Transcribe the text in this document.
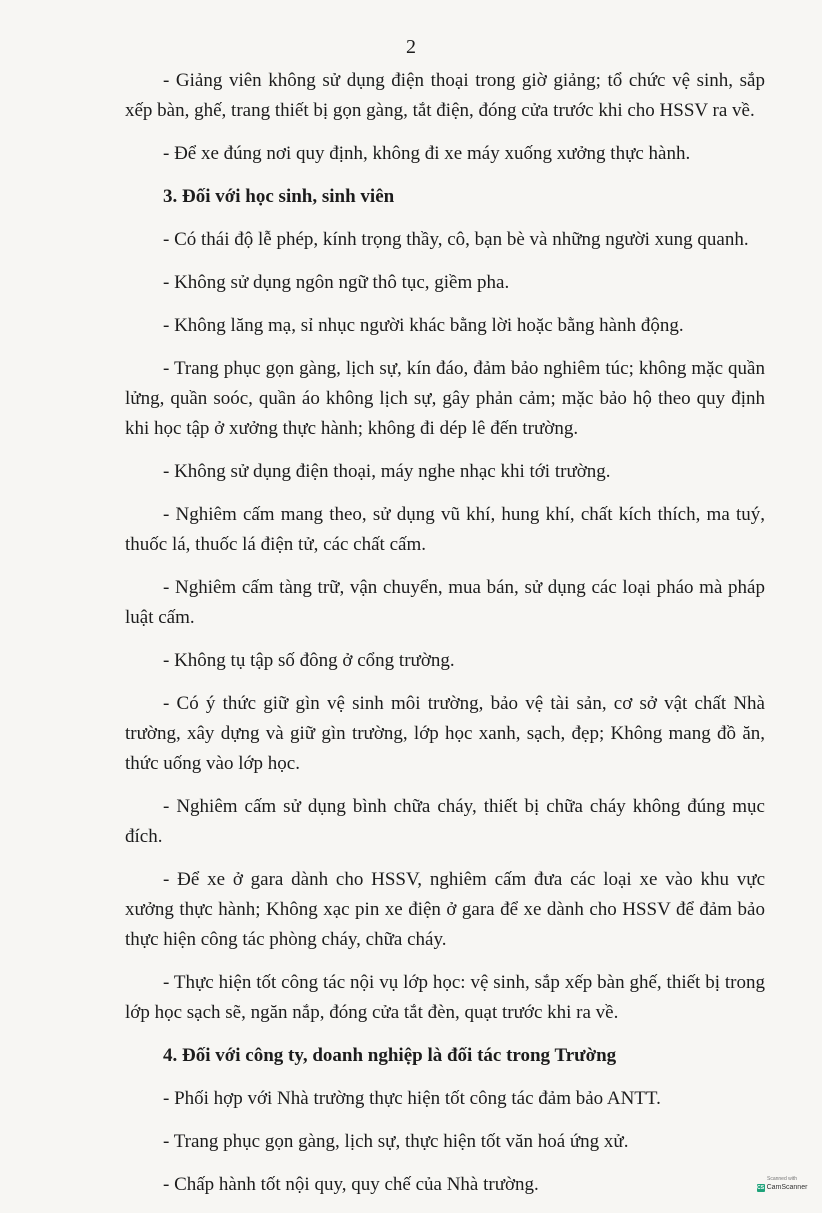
2

- Giảng viên không sử dụng điện thoại trong giờ giảng; tổ chức vệ sinh, sắp xếp bàn, ghế, trang thiết bị gọn gàng, tắt điện, đóng cửa trước khi cho HSSV ra về.

- Để xe đúng nơi quy định, không đi xe máy xuống xưởng thực hành.

3. Đối với học sinh, sinh viên

- Có thái độ lễ phép, kính trọng thầy, cô, bạn bè và những người xung quanh.

- Không sử dụng ngôn ngữ thô tục, giềm pha.

- Không lăng mạ, sỉ nhục người khác bằng lời hoặc bằng hành động.

- Trang phục gọn gàng, lịch sự, kín đáo, đảm bảo nghiêm túc; không mặc quần lửng, quần soóc, quần áo không lịch sự, gây phản cảm; mặc bảo hộ theo quy định khi học tập ở xưởng thực hành; không đi dép lê đến trường.

- Không sử dụng điện thoại, máy nghe nhạc khi tới trường.

- Nghiêm cấm mang theo, sử dụng vũ khí, hung khí, chất kích thích, ma tuý, thuốc lá, thuốc lá điện tử, các chất cấm.

- Nghiêm cấm tàng trữ, vận chuyển, mua bán, sử dụng các loại pháo mà pháp luật cấm.

- Không tụ tập số đông ở cổng trường.

- Có ý thức giữ gìn vệ sinh môi trường, bảo vệ tài sản, cơ sở vật chất Nhà trường, xây dựng và giữ gìn trường, lớp học xanh, sạch, đẹp; Không mang đồ ăn, thức uống vào lớp học.

- Nghiêm cấm sử dụng bình chữa cháy, thiết bị chữa cháy không đúng mục đích.

- Để xe ở gara dành cho HSSV, nghiêm cấm đưa các loại xe vào khu vực xưởng thực hành; Không xạc pin xe điện ở gara để xe dành cho HSSV để đảm bảo thực hiện công tác phòng cháy, chữa cháy.

- Thực hiện tốt công tác nội vụ lớp học: vệ sinh, sắp xếp bàn ghế, thiết bị trong lớp học sạch sẽ, ngăn nắp, đóng cửa tắt đèn, quạt trước khi ra về.

4. Đối với công ty, doanh nghiệp là đối tác trong Trường

- Phối hợp với Nhà trường thực hiện tốt công tác đảm bảo ANTT.

- Trang phục gọn gàng, lịch sự, thực hiện tốt văn hoá ứng xử.

- Chấp hành tốt nội quy, quy chế của Nhà trường.	Scanned with
CS CamScanner
